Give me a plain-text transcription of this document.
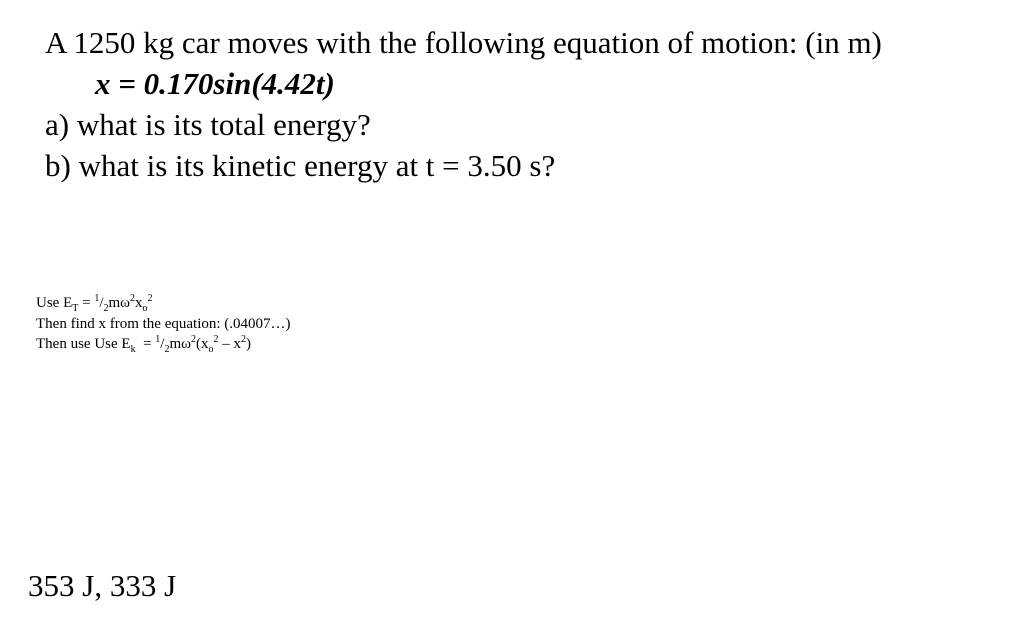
A 1250 kg car moves with the following equation of motion: (in m)

x = 0.170sin(4.42t)

a) what is its total energy?

b) what is its kinetic energy at t = 3.50 s?

Use $E_T = ^1/_2m\omega^2x_o^2$

Then find x from the equation: (.04007…)

Then use Use $E_k = ^1/_2m\omega^2(x_o^2 - x^2)$

353 J, 333 J
